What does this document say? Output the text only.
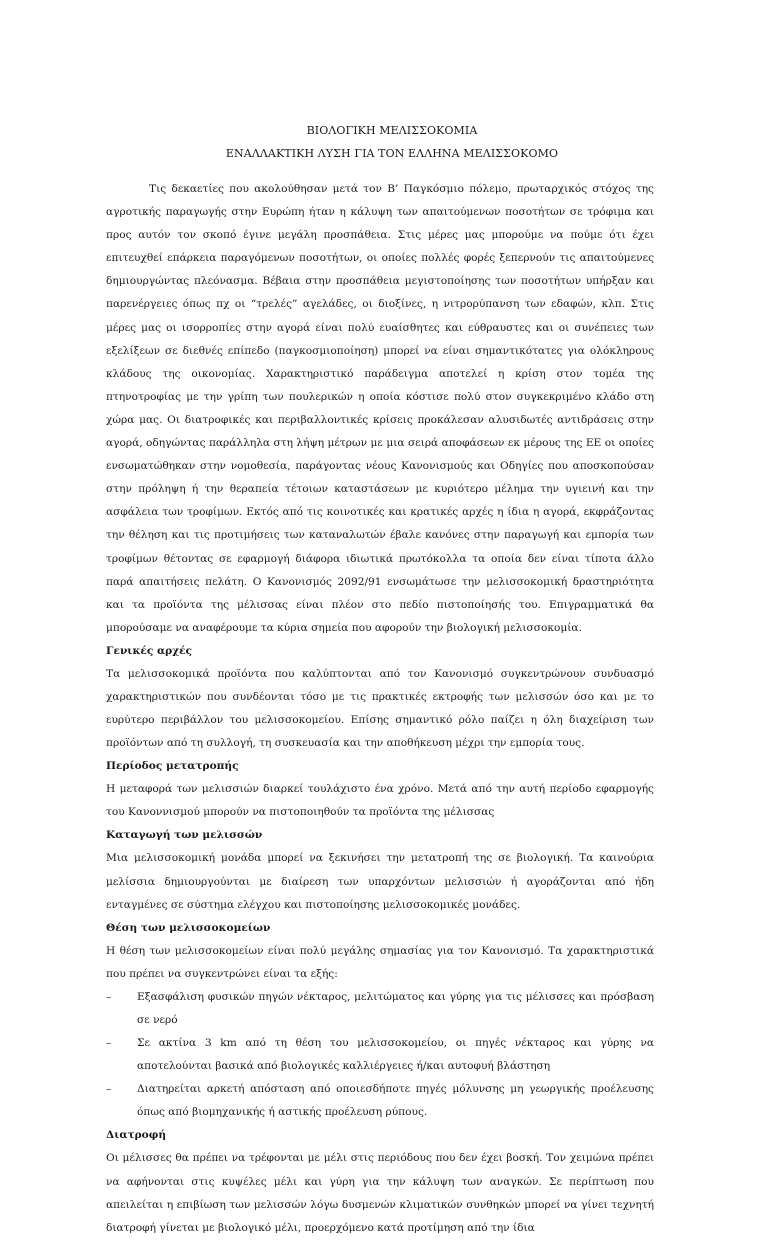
ΒΙΟΛΟΓΙΚΗ ΜΕΛΙΣΣΟΚΟΜΙΑ
ΕΝΑΛΛΑΚΤΙΚΗ ΛΥΣΗ ΓΙΑ ΤΟΝ ΕΛΛΗΝΑ ΜΕΛΙΣΣΟΚΟΜΟ

Τις δεκαετίες που ακολούθησαν μετά τον Β’ Παγκόσμιο πόλεμο, πρωταρχικός στόχος της αγροτικής παραγωγής στην Ευρώπη ήταν η κάλυψη των απαιτούμενων ποσοτήτων σε τρόφιμα και προς αυτόν τον σκοπό έγινε μεγάλη προσπάθεια. Στις μέρες μας μπορούμε να πούμε ότι έχει επιτευχθεί επάρκεια παραγόμενων ποσοτήτων, οι οποίες πολλές φορές ξεπερνούν τις απαιτούμενες δημιουργώντας πλεόνασμα. Βέβαια στην προσπάθεια μεγιστοποίησης των ποσοτήτων υπήρξαν και παρενέργειες όπως πχ οι “τρελές” αγελάδες, οι διοξίνες, η νιτρορύπανση των εδαφών, κλπ. Στις μέρες μας οι ισορροπίες στην αγορά είναι πολύ ευαίσθητες και εύθραυστες και οι συνέπειες των εξελίξεων σε διεθνές επίπεδο (παγκοσμιοποίηση) μπορεί να είναι σημαντικότατες για ολόκληρους κλάδους της οικονομίας. Χαρακτηριστικό παράδειγμα αποτελεί η κρίση στον τομέα της πτηνοτροφίας με την γρίπη των πουλερικών η οποία κόστισε πολύ στον συγκεκριμένο κλάδο στη χώρα μας. Οι διατροφικές και περιβαλλοντικές κρίσεις προκάλεσαν αλυσιδωτές αντιδράσεις στην αγορά, οδηγώντας παράλληλα στη λήψη μέτρων με μια σειρά αποφάσεων εκ μέρους της ΕΕ οι οποίες ενσωματώθηκαν στην νομοθεσία, παράγοντας νέους Κανονισμούς και Οδηγίες που αποσκοπούσαν στην πρόληψη ή την θεραπεία τέτοιων καταστάσεων με κυριότερο μέλημα την υγιεινή και την ασφάλεια των τροφίμων. Εκτός από τις κοινοτικές και κρατικές αρχές η ίδια η αγορά, εκφράζοντας την θέληση και τις προτιμήσεις των καταναλωτών έβαλε κανόνες στην παραγωγή και εμπορία των τροφίμων θέτοντας σε εφαρμογή διάφορα ιδιωτικά πρωτόκολλα τα οποία δεν είναι τίποτα άλλο παρά απαιτήσεις πελάτη. Ο Κανονισμός 2092/91 ενσωμάτωσε την μελισσοκομική δραστηριότητα και τα προϊόντα της μέλισσας είναι πλέον στο πεδίο πιστοποίησής του. Επιγραμματικά θα μπορούσαμε να αναφέρουμε τα κύρια σημεία που αφορούν την βιολογική μελισσοκομία.

Γενικές αρχές

Τα μελισσοκομικά προϊόντα που καλύπτονται από τον Κανονισμό συγκεντρώνουν συνδυασμό χαρακτηριστικών που συνδέονται τόσο με τις πρακτικές εκτροφής των μελισσών όσο και με το ευρύτερο περιβάλλον του μελισσοκομείου. Επίσης σημαντικό ρόλο παίζει η όλη διαχείριση των προϊόντων από τη συλλογή, τη συσκευασία και την αποθήκευση μέχρι την εμπορία τους.

Περίοδος μετατροπής

Η μεταφορά των μελισσιών διαρκεί τουλάχιστο ένα χρόνο. Μετά από την αυτή περίοδο εφαρμογής του Κανοννισμού μπορούν να πιστοποιηθούν τα προϊόντα της μέλισσας

Καταγωγή των μελισσών

Μια μελισσοκομική μονάδα μπορεί να ξεκινήσει την μετατροπή της σε βιολογική. Τα καινούρια μελίσσια δημιουργούνται με διαίρεση των υπαρχόντων μελισσιών ή αγοράζονται από ήδη ενταγμένες σε σύστημα ελέγχου και πιστοποίησης μελισσοκομικές μονάδες.

Θέση των μελισσοκομείων

Η θέση των μελισσοκομείων είναι πολύ μεγάλης σημασίας για τον Κανονισμό. Τα χαρακτηριστικά που πρέπει να συγκεντρώνει είναι τα εξής:

– Εξασφάλιση φυσικών πηγών νέκταρος, μελιτώματος και γύρης για τις μέλισσες και πρόσβαση σε νερό
– Σε ακτίνα 3 km από τη θέση του μελισσοκομείου, οι πηγές νέκταρος και γύρης να αποτελούνται βασικά από βιολογικές καλλιέργειες ή/και αυτοφυή βλάστηση
– Διατηρείται αρκετή απόσταση από οποιεσδήποτε πηγές μόλυνσης μη γεωργικής προέλευσης όπως από βιομηχανικής ή αστικής προέλευση ρύπους.
Διατροφή

Οι μέλισσες θα πρέπει να τρέφονται με μέλι στις περιόδους που δεν έχει βοσκή. Τον χειμώνα πρέπει να αφήνονται στις κυψέλες μέλι και γύρη για την κάλυψη των αναγκών. Σε περίπτωση που απειλείται η επιβίωση των μελισσών λόγω δυσμενών κλιματικών συνθηκών μπορεί να γίνει τεχνητή διατροφή γίνεται με βιολογικό μέλι, προερχόμενο κατά προτίμηση από την ίδια
